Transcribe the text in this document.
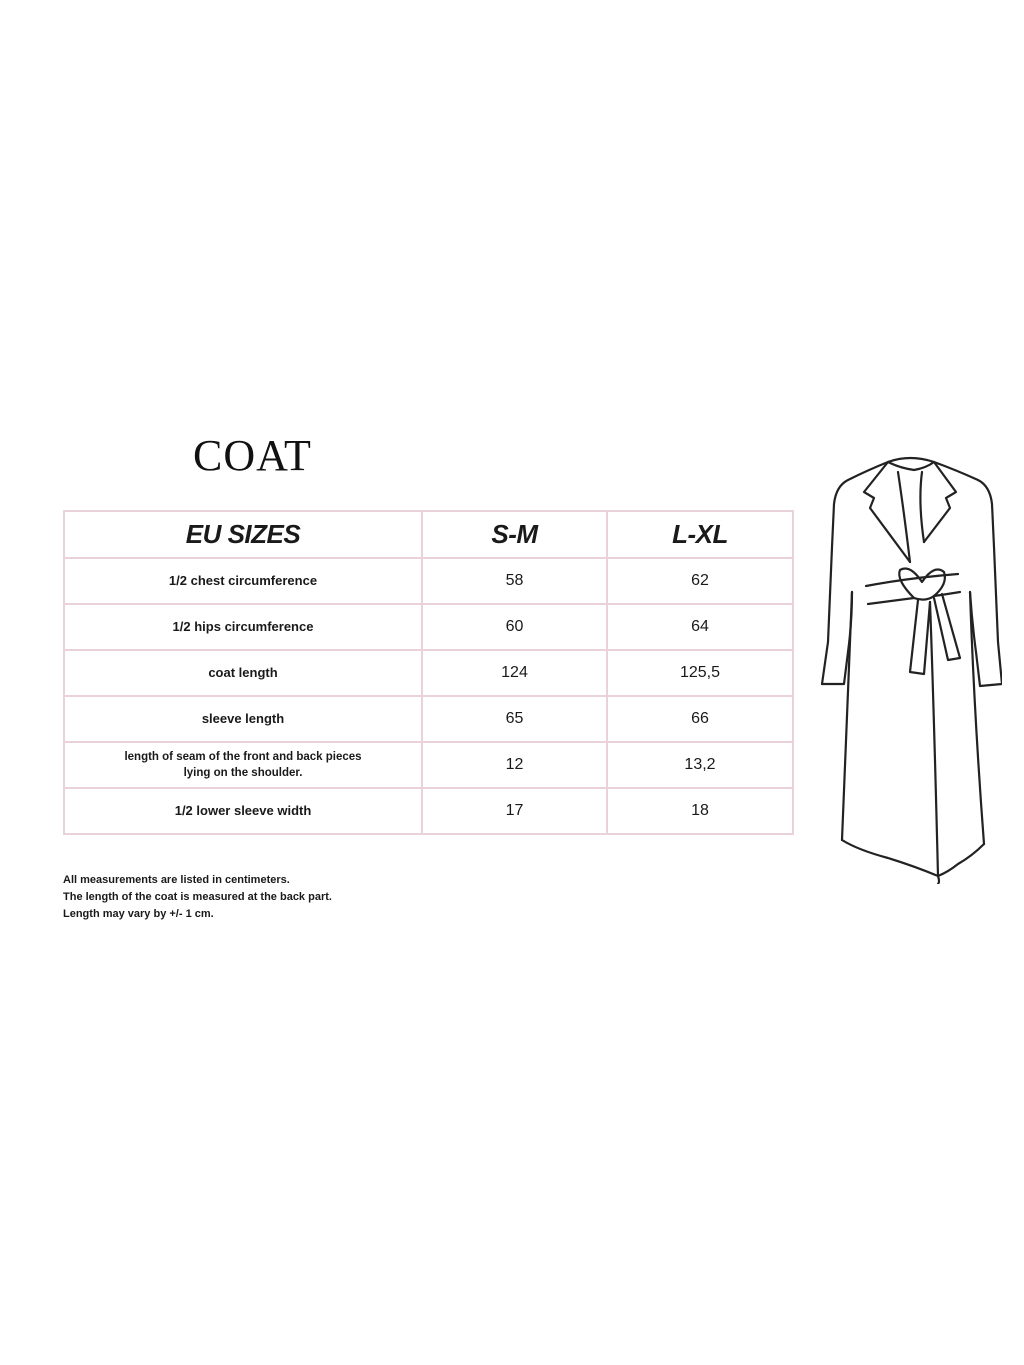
COAT
EU SIZES	S-M	L-XL
1/2 chest circumference	58	62
1/2 hips circumference	60	64
coat length	124	125,5
sleeve length	65	66

length of seam of the front and back pieces
lying on the shoulder.	12	13,2
1/2 lower sleeve width	17	18
All measurements are listed in centimeters.
The length of the coat is measured at the back part.
Length may vary by +/- 1 cm.
